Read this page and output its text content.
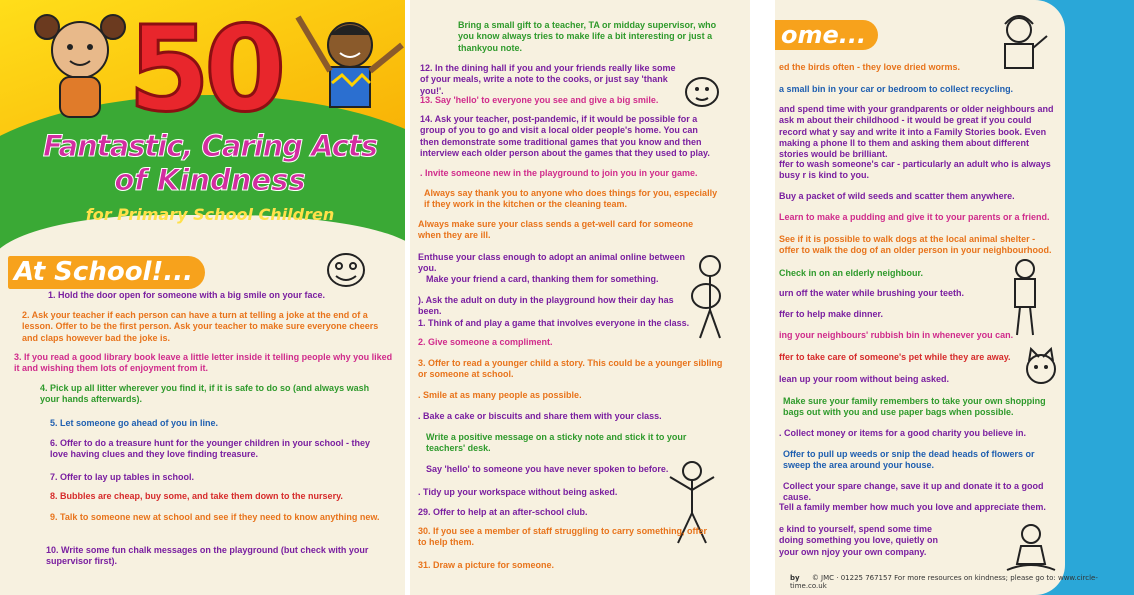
50
Fantastic, Caring Acts
of Kindness
for Primary School Children
At School!...
1. Hold the door open for someone with a big smile on your face.
2. Ask your teacher if each person can have a turn at telling a joke at the end of a lesson. Offer to be the first person. Ask your teacher to make sure everyone cheers and claps however bad the joke is.
3. If you read a good library book leave a little letter inside it telling people why you liked it and wishing them lots of enjoyment from it.
4. Pick up all litter wherever you find it, if it is safe to do so (and always wash your hands afterwards).
5. Let someone go ahead of you in line.
6. Offer to do a treasure hunt for the younger children in your school - they love having clues and they love finding treasure.
7. Offer to lay up tables in school.
8. Bubbles are cheap, buy some, and take them down to the nursery.
9. Talk to someone new at school and see if they need to know anything new.
10. Write some fun chalk messages on the playground (but check with your supervisor first).
Bring a small gift to a teacher, TA or midday supervisor, who you know always tries to make life a bit interesting or just a thankyou note.
12. In the dining hall if you and your friends really like some of your meals, write a note to the cooks, or just say 'thank you!'.
13. Say 'hello' to everyone you see and give a big smile.
14. Ask your teacher, post-pandemic, if it would be possible for a group of you to go and visit a local older people's home. You can then demonstrate some traditional games that you know and then interview each older person about the games that they used to play.
. Invite someone new in the playground to join you in your game.
Always say thank you to anyone who does things for you, especially if they work in the kitchen or the cleaning team.
Always make sure your class sends a get-well card for someone when they are ill.
Enthuse your class enough to adopt an animal online between you.
Make your friend a card, thanking them for something.
). Ask the adult on duty in the playground how their day has been.
1. Think of and play a game that involves everyone in the class.
2. Give someone a compliment.
3. Offer to read a younger child a story. This could be a younger sibling or someone at school.
. Smile at as many people as possible.
. Bake a cake or biscuits and share them with your class.
Write a positive message on a sticky note and stick it to your teachers' desk.
Say 'hello' to someone you have never spoken to before.
. Tidy up your workspace without being asked.
29. Offer to help at an after-school club.
30. If you see a member of staff struggling to carry something, offer to help them.
31. Draw a picture for someone.
ome...
ed the birds often - they love dried worms.
a small bin in your car or bedroom to collect recycling.
and spend time with your grandparents or older neighbours and ask m about their childhood - it would be great if you could record what y say and write it into a Family Stories book. Even making a phone ll to them and asking them about different stories would be brilliant.
ffer to wash someone's car - particularly an adult who is always busy r is kind to you.
Buy a packet of wild seeds and scatter them anywhere.
Learn to make a pudding and give it to your parents or a friend.
See if it is possible to walk dogs at the local animal shelter - offer to walk the dog of an older person in your neighbourhood.
Check in on an elderly neighbour.
urn off the water while brushing your teeth.
ffer to help make dinner.
ing your neighbours' rubbish bin in whenever you can.
ffer to take care of someone's pet while they are away.
lean up your room without being asked.
Make sure your family remembers to take your own shopping bags out with you and use paper bags when possible.
. Collect money or items for a good charity you believe in.
Offer to pull up weeds or snip the dead heads of flowers or sweep the area around your house.
Collect your spare change, save it up and donate it to a good cause.
Tell a family member how much you love and appreciate them.
e kind to yourself, spend some time doing something you love, quietly on your own njoy your own company.
by © JMC · 01225 767157 For more resources on kindness; please go to: www.circle-time.co.uk
